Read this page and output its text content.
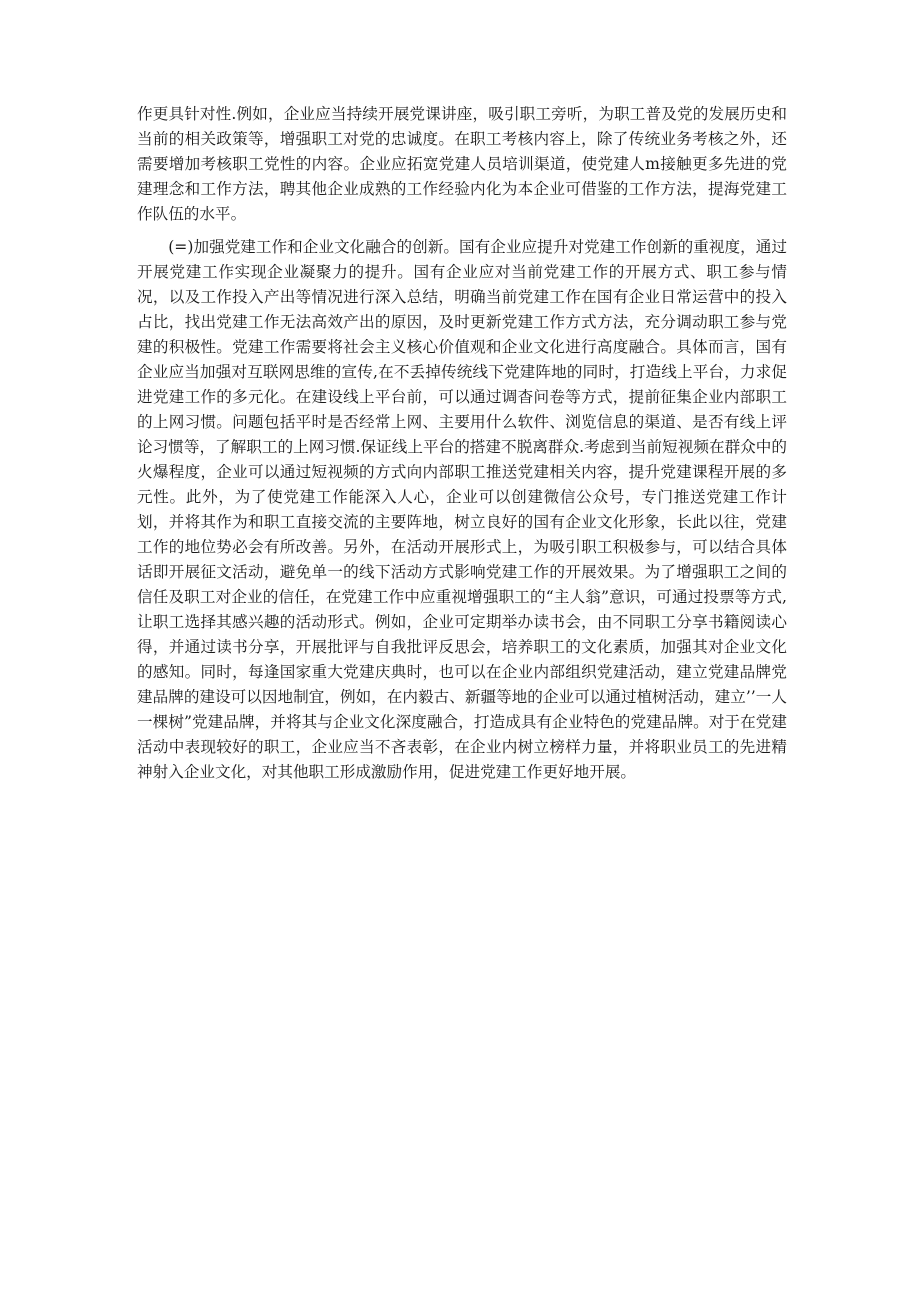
作更具针对性.例如，企业应当持续开展党课讲座，吸引职工旁听，为职工普及党的发展历史和当前的相关政策等，增强职工对党的忠诚度。在职工考核内容上，除了传统业务考核之外，还需要增加考核职工党性的内容。企业应拓宽党建人员培训渠道，使党建人m接触更多先进的党建理念和工作方法，聘其他企业成熟的工作经验内化为本企业可借鉴的工作方法，提海党建工作队伍的水平。

(=)加强党建工作和企业文化融合的创新。国有企业应提升对党建工作创新的重视度，通过开展党建工作实现企业凝聚力的提升。国有企业应对当前党建工作的开展方式、职工参与情况，以及工作投入产出等情况进行深入总结，明确当前党建工作在国有企业日常运营中的投入占比，找出党建工作无法高效产出的原因，及时更新党建工作方式方法，充分调动职工参与党建的积极性。党建工作需要将社会主义核心价值观和企业文化进行高度融合。具体而言，国有企业应当加强对互联网思维的宣传,在不丢掉传统线下党建阵地的同时，打造线上平台，力求促进党建工作的多元化。在建设线上平台前，可以通过调杳问卷等方式，提前征集企业内部职工的上网习惯。问题包括平时是否经常上网、主要用什么软件、浏览信息的渠道、是否有线上评论习惯等，了解职工的上网习惯.保证线上平台的搭建不脱离群众.考虑到当前短视频在群众中的火爆程度，企业可以通过短视频的方式向内部职工推送党建相关内容，提升党建课程开展的多元性。此外，为了使党建工作能深入人心，企业可以创建微信公众号，专门推送党建工作计划，并将其作为和职工直接交流的主要阵地，树立良好的国有企业文化形象，长此以往，党建工作的地位势必会有所改善。另外，在活动开展形式上，为吸引职工积极参与，可以结合具体话即开展征文活动，避免单一的线下活动方式影响党建工作的开展效果。为了增强职工之间的信任及职工对企业的信任，在党建工作中应重视增强职工的“主人翁”意识，可通过投票等方式,让职工选择其感兴趣的活动形式。例如，企业可定期举办读书会，由不同职工分享书籍阅读心得，并通过读书分享，开展批评与自我批评反思会，培养职工的文化素质，加强其对企业文化的感知。同时，每逢国家重大党建庆典时，也可以在企业内部组织党建活动，建立党建品牌党建品牌的建设可以因地制宜，例如，在内毅古、新疆等地的企业可以通过植树活动，建立’’一人一棵树”党建品牌，并将其与企业文化深度融合，打造成具有企业特色的党建品牌。对于在党建活动中表现较好的职工，企业应当不吝表彰，在企业内树立榜样力量，并将职业员工的先进精神射入企业文化，对其他职工形成激励作用，促进党建工作更好地开展。
